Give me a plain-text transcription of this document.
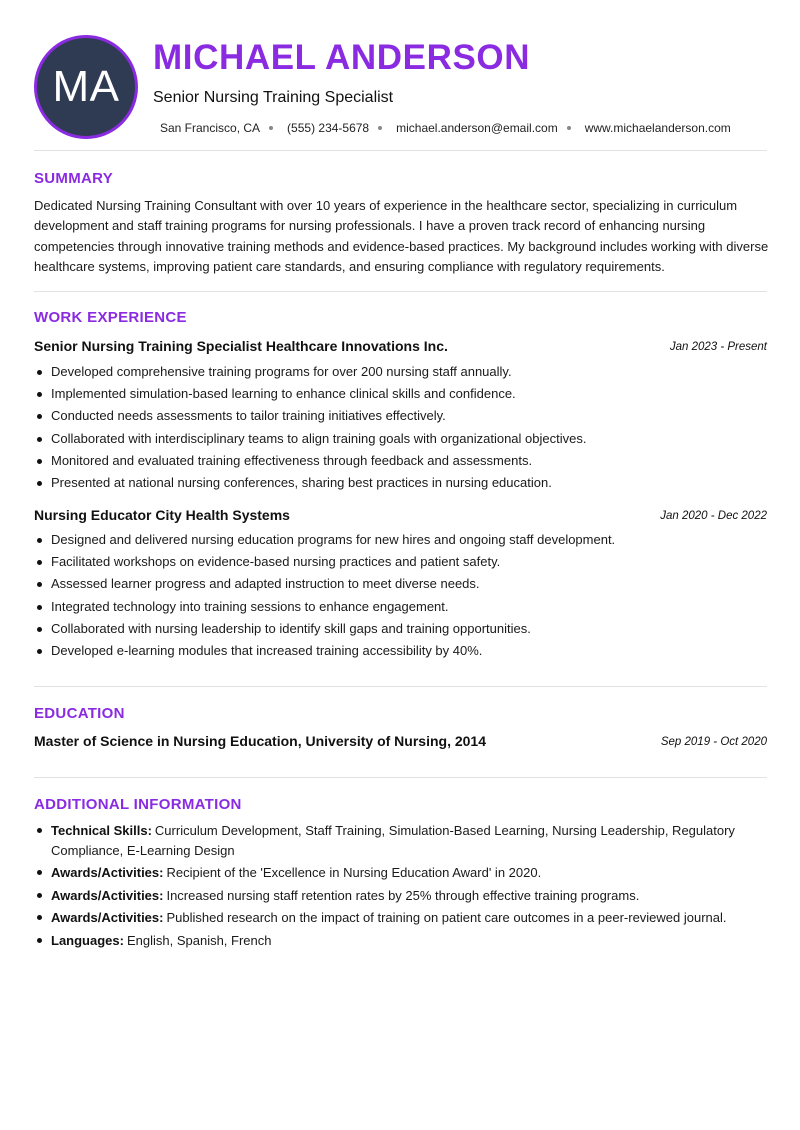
MA
MICHAEL ANDERSON
Senior Nursing Training Specialist
San Francisco, CA (555) 234-5678 michael.anderson@email.com www.michaelanderson.com
SUMMARY
Dedicated Nursing Training Consultant with over 10 years of experience in the healthcare sector, specializing in curriculum development and staff training programs for nursing professionals. I have a proven track record of enhancing nursing competencies through innovative training methods and evidence-based practices. My background includes working with diverse healthcare systems, improving patient care standards, and ensuring compliance with regulatory requirements.
WORK EXPERIENCE
Senior Nursing Training Specialist Healthcare Innovations Inc.	Jan 2023 - Present
Developed comprehensive training programs for over 200 nursing staff annually.
Implemented simulation-based learning to enhance clinical skills and confidence.
Conducted needs assessments to tailor training initiatives effectively.
Collaborated with interdisciplinary teams to align training goals with organizational objectives.
Monitored and evaluated training effectiveness through feedback and assessments.
Presented at national nursing conferences, sharing best practices in nursing education.
Nursing Educator City Health Systems	Jan 2020 - Dec 2022
Designed and delivered nursing education programs for new hires and ongoing staff development.
Facilitated workshops on evidence-based nursing practices and patient safety.
Assessed learner progress and adapted instruction to meet diverse needs.
Integrated technology into training sessions to enhance engagement.
Collaborated with nursing leadership to identify skill gaps and training opportunities.
Developed e-learning modules that increased training accessibility by 40%.
EDUCATION
Master of Science in Nursing Education, University of Nursing, 2014	Sep 2019 - Oct 2020
ADDITIONAL INFORMATION
Technical Skills: Curriculum Development, Staff Training, Simulation-Based Learning, Nursing Leadership, Regulatory Compliance, E-Learning Design
Awards/Activities: Recipient of the 'Excellence in Nursing Education Award' in 2020.
Awards/Activities: Increased nursing staff retention rates by 25% through effective training programs.
Awards/Activities: Published research on the impact of training on patient care outcomes in a peer-reviewed journal.
Languages: English, Spanish, French
